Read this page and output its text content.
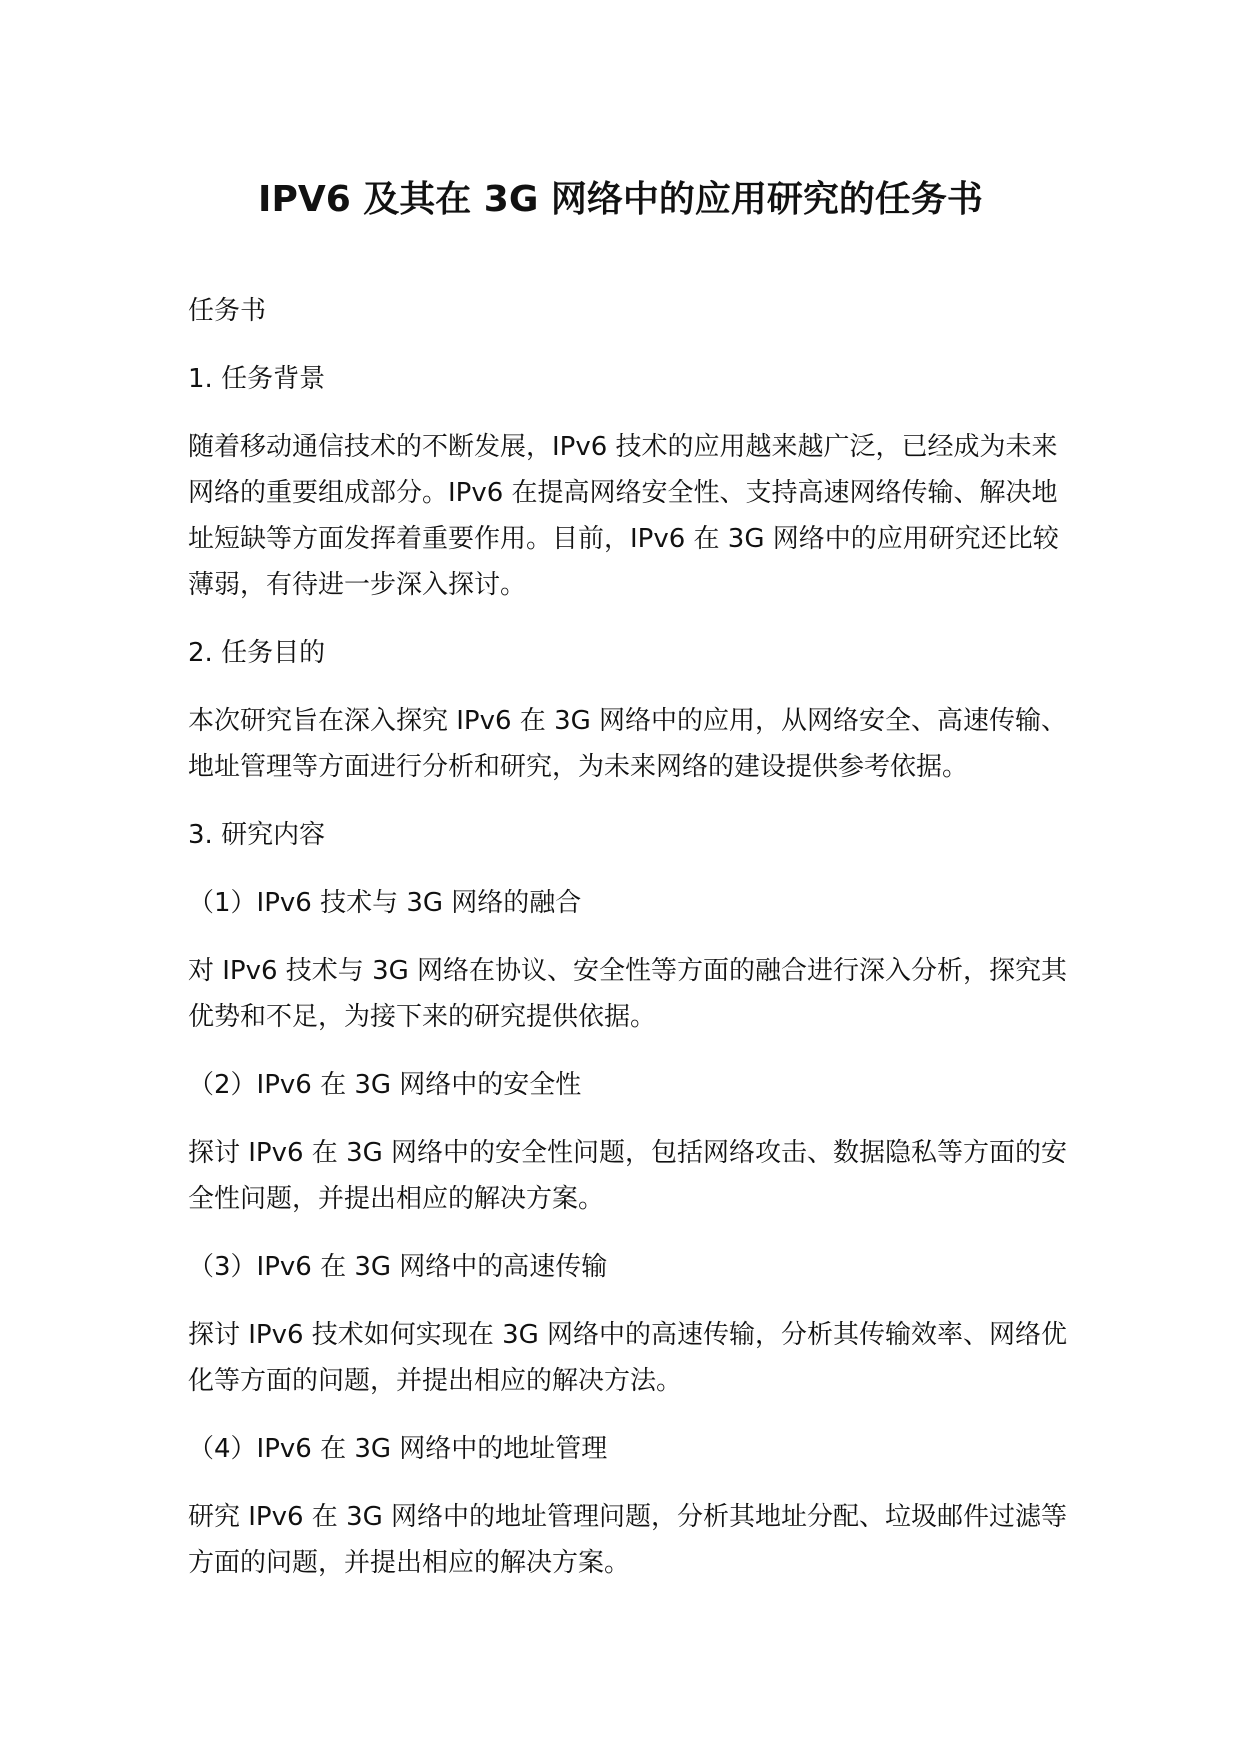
IPV6 及其在 3G 网络中的应用研究的任务书

任务书

1. 任务背景

随着移动通信技术的不断发展，IPv6 技术的应用越来越广泛，已经成为未来网络的重要组成部分。IPv6 在提高网络安全性、支持高速网络传输、解决地址短缺等方面发挥着重要作用。目前，IPv6 在 3G 网络中的应用研究还比较薄弱，有待进一步深入探讨。

2. 任务目的

本次研究旨在深入探究 IPv6 在 3G 网络中的应用，从网络安全、高速传输、地址管理等方面进行分析和研究，为未来网络的建设提供参考依据。

3. 研究内容

（1）IPv6 技术与 3G 网络的融合

对 IPv6 技术与 3G 网络在协议、安全性等方面的融合进行深入分析，探究其优势和不足，为接下来的研究提供依据。

（2）IPv6 在 3G 网络中的安全性

探讨 IPv6 在 3G 网络中的安全性问题，包括网络攻击、数据隐私等方面的安全性问题，并提出相应的解决方案。

（3）IPv6 在 3G 网络中的高速传输

探讨 IPv6 技术如何实现在 3G 网络中的高速传输，分析其传输效率、网络优化等方面的问题，并提出相应的解决方法。

（4）IPv6 在 3G 网络中的地址管理

研究 IPv6 在 3G 网络中的地址管理问题，分析其地址分配、垃圾邮件过滤等方面的问题，并提出相应的解决方案。
